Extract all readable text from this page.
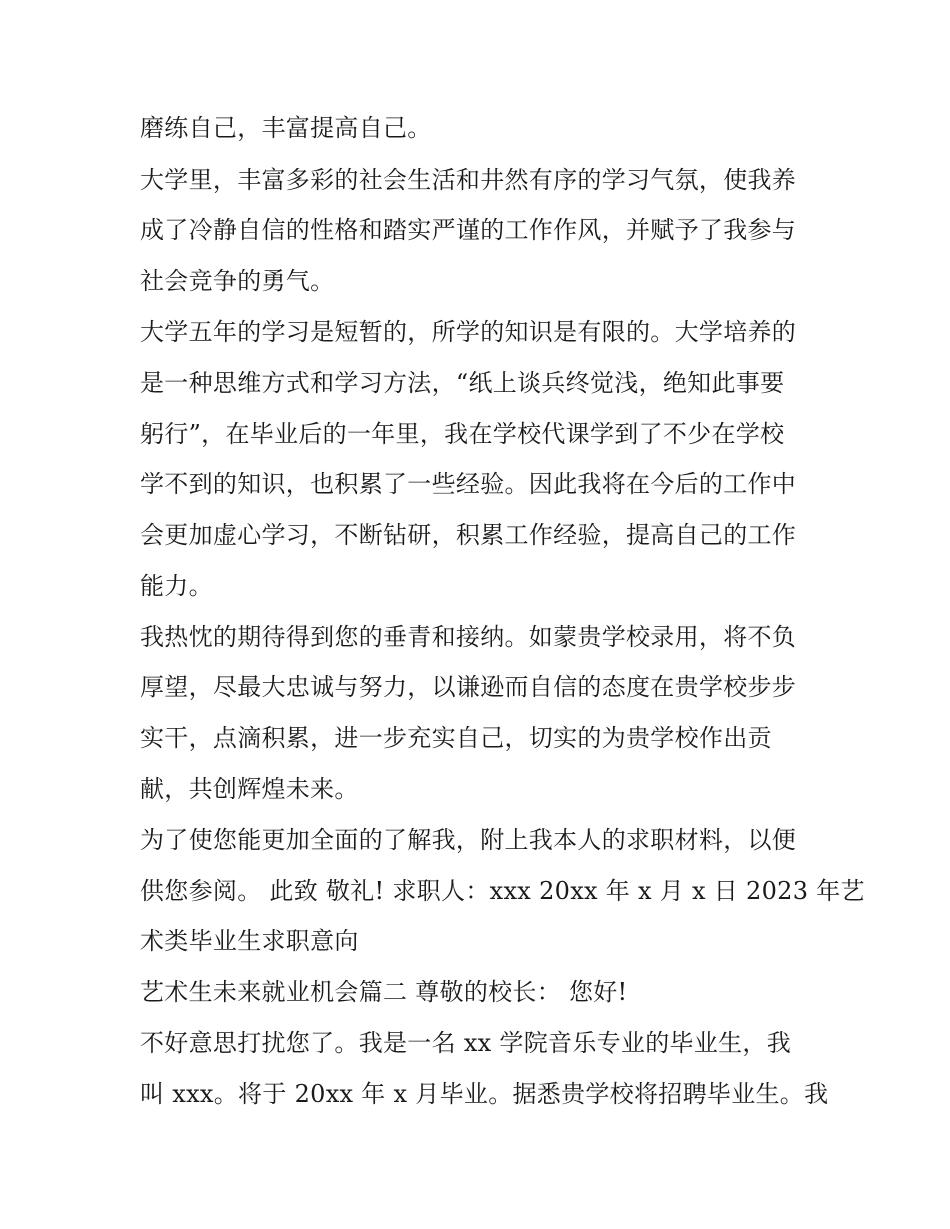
磨练自己，丰富提高自己。

大学里，丰富多彩的社会生活和井然有序的学习气氛，使我养

成了冷静自信的性格和踏实严谨的工作作风，并赋予了我参与

社会竞争的勇气。

大学五年的学习是短暂的，所学的知识是有限的。大学培养的

是一种思维方式和学习方法，“纸上谈兵终觉浅，绝知此事要

躬行”，在毕业后的一年里，我在学校代课学到了不少在学校

学不到的知识，也积累了一些经验。因此我将在今后的工作中

会更加虚心学习，不断钻研，积累工作经验，提高自己的工作

能力。

我热忱的期待得到您的垂青和接纳。如蒙贵学校录用，将不负

厚望，尽最大忠诚与努力，以谦逊而自信的态度在贵学校步步

实干，点滴积累，进一步充实自己，切实的为贵学校作出贡

献，共创辉煌未来。

为了使您能更加全面的了解我，附上我本人的求职材料，以便

供您参阅。 此致 敬礼! 求职人：xxx 20xx 年 x 月 x 日 2023 年艺

术类毕业生求职意向

艺术生未来就业机会篇二 尊敬的校长： 您好!

不好意思打扰您了。我是一名 xx 学院音乐专业的毕业生，我

叫 xxx。将于 20xx 年 x 月毕业。据悉贵学校将招聘毕业生。我
